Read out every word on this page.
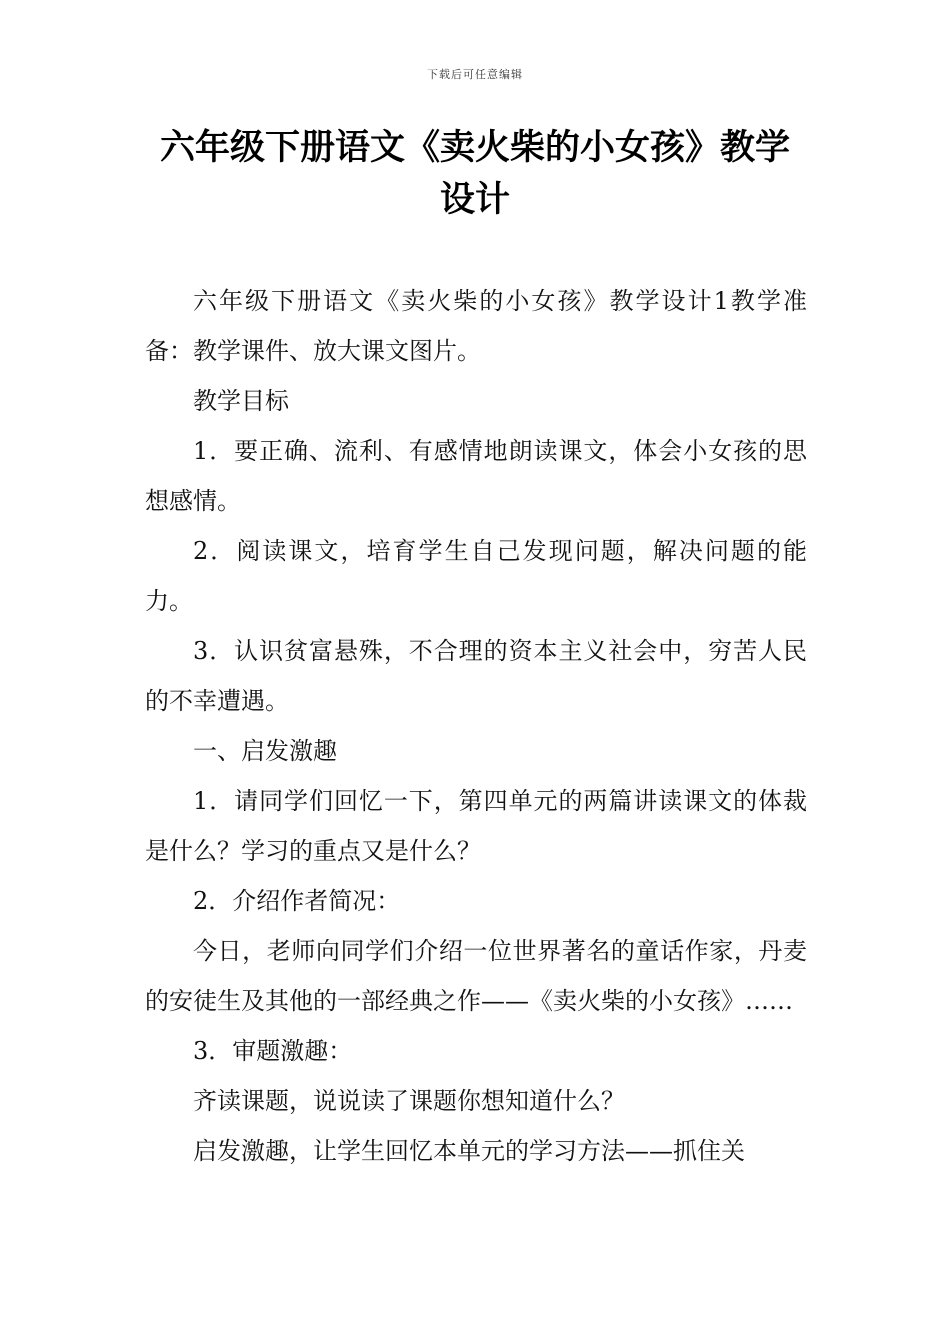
下载后可任意编辑
六年级下册语文《卖火柴的小女孩》教学设计

六年级下册语文《卖火柴的小女孩》教学设计1教学准备：教学课件、放大课文图片。

教学目标

1．要正确、流利、有感情地朗读课文，体会小女孩的思想感情。

2．阅读课文，培育学生自己发现问题，解决问题的能力。

3．认识贫富悬殊，不合理的资本主义社会中，穷苦人民的不幸遭遇。

一、启发激趣

1．请同学们回忆一下，第四单元的两篇讲读课文的体裁是什么？学习的重点又是什么？

2．介绍作者简况：

今日，老师向同学们介绍一位世界著名的童话作家，丹麦的安徒生及其他的一部经典之作——《卖火柴的小女孩》……

3．审题激趣：

齐读课题，说说读了课题你想知道什么？

启发激趣，让学生回忆本单元的学习方法——抓住关
